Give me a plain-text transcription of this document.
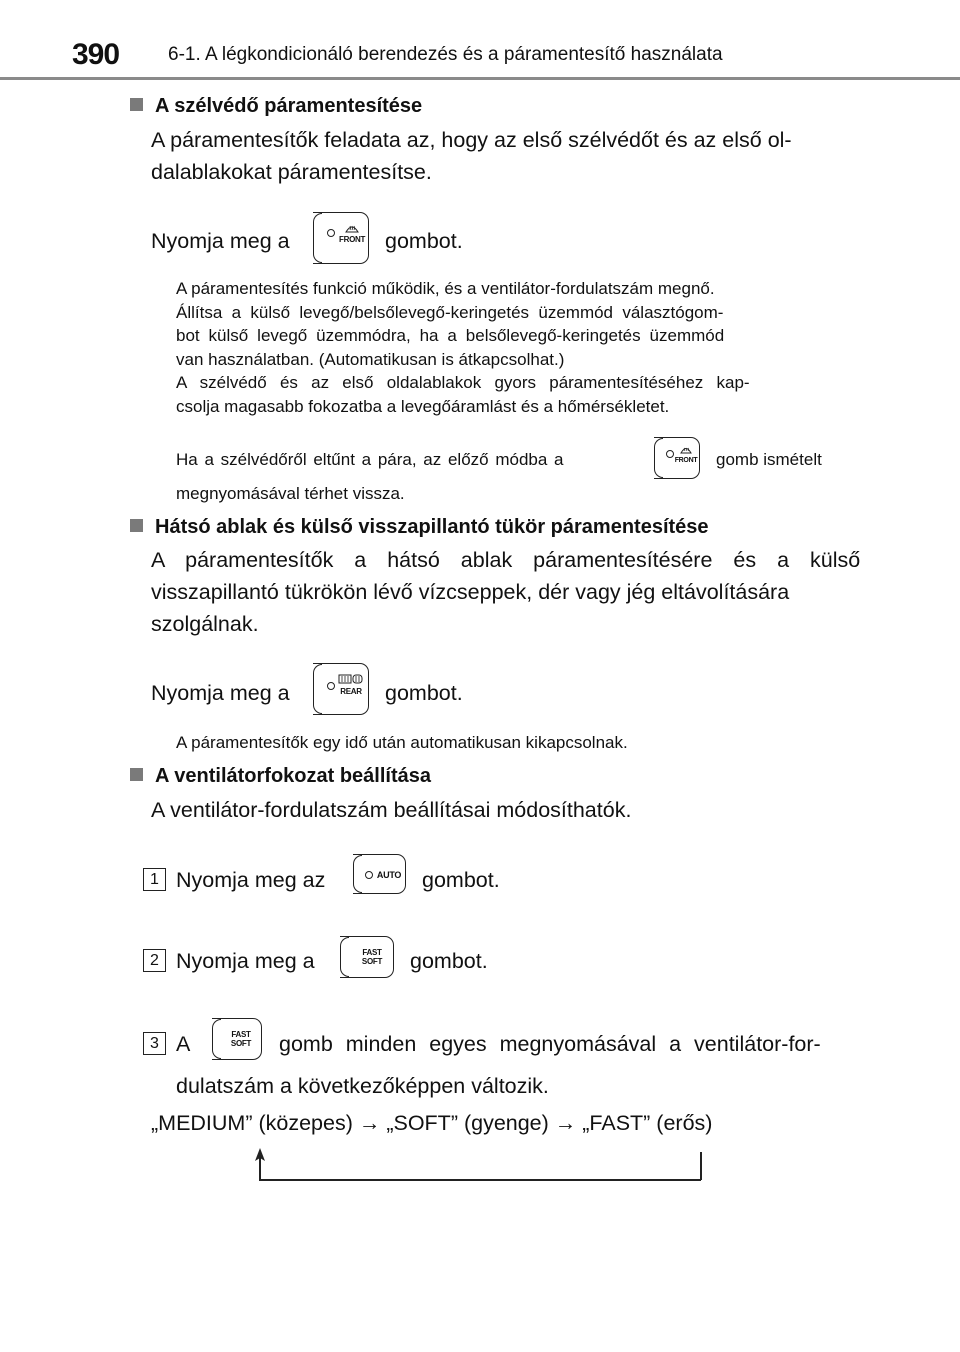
390	6-1. A légkondicionáló berendezés és a páramentesítő használata
A szélvédő páramentesítése
A páramentesítők feladata az, hogy az első szélvédőt és az első ol-
dalablakokat páramentesítse.
Nyomja meg a	FRONT gombot.
A páramentesítés funkció működik, és a ventilátor-fordulatszám megnő.
Állítsa a külső levegő/belsőlevegő-keringetés üzemmód választógom-
bot külső levegő üzemmódra, ha a belsőlevegő-keringetés üzemmód
van használatban. (Automatikusan is átkapcsolhat.)
A szélvédő és az első oldalablakok gyors páramentesítéséhez kap-
csolja magasabb fokozatba a levegőáramlást és a hőmérsékletet.
Ha a szélvédőről eltűnt a pára, az előző módba a	FRONT gomb ismételt
megnyomásával térhet vissza.
Hátsó ablak és külső visszapillantó tükör páramentesítése
A páramentesítők a hátsó ablak páramentesítésére és a külső
visszapillantó tükrökön lévő vízcseppek, dér vagy jég eltávolítására
szolgálnak.
Nyomja meg a	REAR gombot.
A páramentesítők egy idő után automatikusan kikapcsolnak.
A ventilátorfokozat beállítása
A ventilátor-fordulatszám beállításai módosíthatók.
1 Nyomja meg az	AUTO gombot.
2 Nyomja meg a	FAST
SOFT	gombot.
3 A	FAST
SOFT	gomb minden egyes megnyomásával a ventilátor-for-
dulatszám a következőképpen változik.
„MEDIUM” (közepes) → „SOFT” (gyenge) → „FAST” (erős)
